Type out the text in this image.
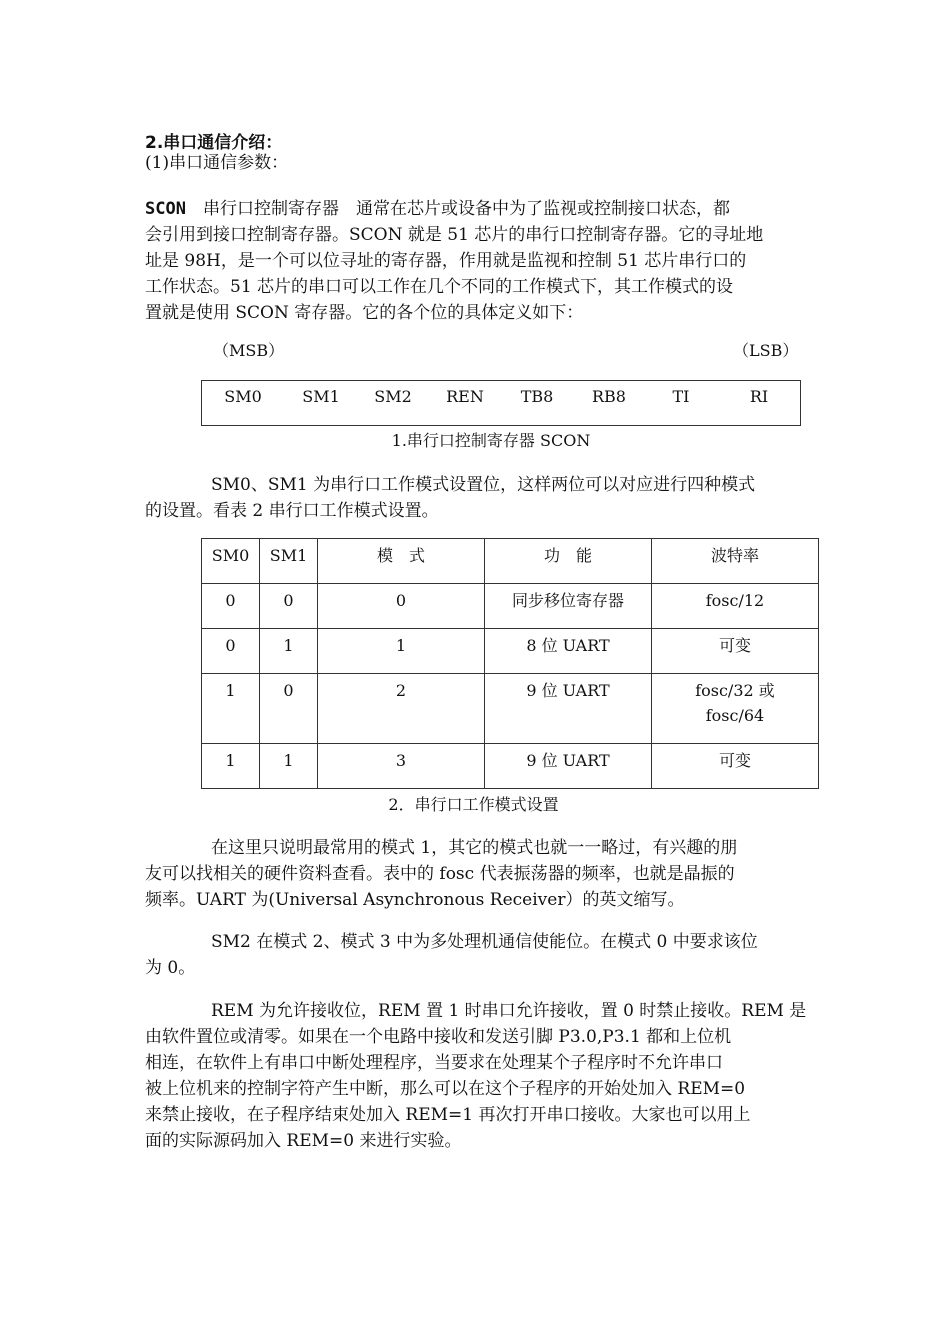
2.串口通信介绍：
(1)串口通信参数：

SCON　串行口控制寄存器　通常在芯片或设备中为了监视或控制接口状态，都

会引用到接口控制寄存器。SCON 就是 51 芯片的串行口控制寄存器。它的寻址地

址是 98H，是一个可以位寻址的寄存器，作用就是监视和控制 51 芯片串行口的

工作状态。51 芯片的串口可以工作在几个不同的工作模式下，其工作模式的设

置就是使用 SCON 寄存器。它的各个位的具体定义如下：

（MSB）	（LSB）
SM0	SM1	SM2	REN	TB8	RB8	TI	RI
1.串行口控制寄存器 SCON

SM0、SM1 为串行口工作模式设置位，这样两位可以对应进行四种模式

的设置。看表 2 串行口工作模式设置。

SM0	SM1	模　式	功　能	波特率
0	0	0	同步移位寄存器	fosc/12
0	1	1	8 位 UART	可变
1	0	2	9 位 UART	fosc/32 或
fosc/64

1	1	3	9 位 UART	可变
2．串行口工作模式设置

在这里只说明最常用的模式 1，其它的模式也就一一略过，有兴趣的朋

友可以找相关的硬件资料查看。表中的 fosc 代表振荡器的频率，也就是晶振的

频率。UART 为(Universal Asynchronous Receiver）的英文缩写。

SM2 在模式 2、模式 3 中为多处理机通信使能位。在模式 0 中要求该位

为 0。

REM 为允许接收位，REM 置 1 时串口允许接收，置 0 时禁止接收。REM 是

由软件置位或清零。如果在一个电路中接收和发送引脚 P3.0,P3.1 都和上位机

相连，在软件上有串口中断处理程序，当要求在处理某个子程序时不允许串口

被上位机来的控制字符产生中断，那么可以在这个子程序的开始处加入 REM=0

来禁止接收，在子程序结束处加入 REM=1 再次打开串口接收。大家也可以用上

面的实际源码加入 REM=0 来进行实验。
